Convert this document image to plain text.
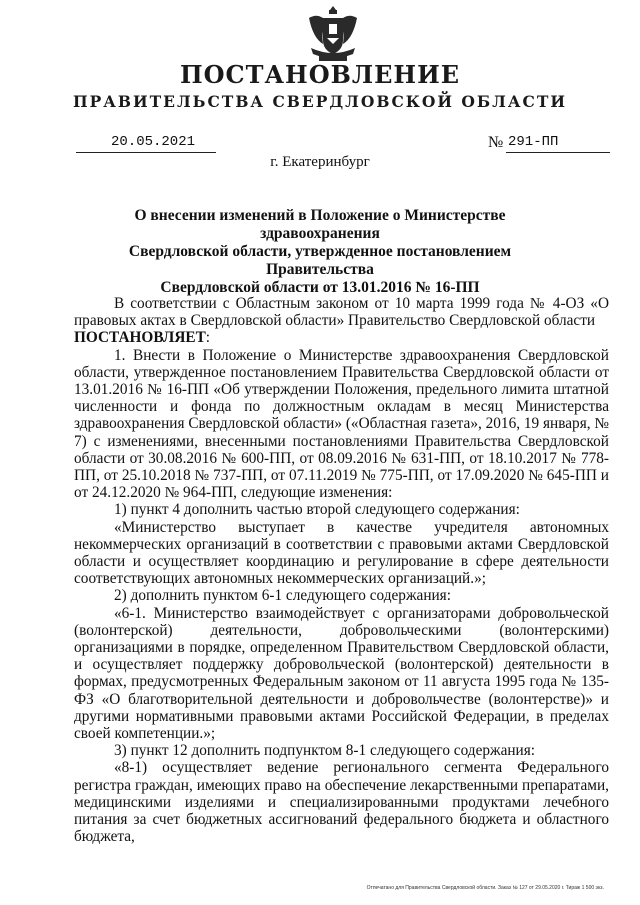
ПОСТАНОВЛЕНИЕ
ПРАВИТЕЛЬСТВА СВЕРДЛОВСКОЙ ОБЛАСТИ
20.05.2021	№ 291-ПП
г. Екатеринбург
О внесении изменений в Положение о Министерстве здравоохранения
Свердловской области, утвержденное постановлением Правительства
Свердловской области от 13.01.2016 № 16-ПП

В соответствии с Областным законом от 10 марта 1999 года № 4-ОЗ «О правовых актах в Свердловской области» Правительство Свердловской области

ПОСТАНОВЛЯЕТ:

1. Внести в Положение о Министерстве здравоохранения Свердловской области, утвержденное постановлением Правительства Свердловской области от 13.01.2016 № 16-ПП «Об утверждении Положения, предельного лимита штатной численности и фонда по должностным окладам в месяц Министерства здравоохранения Свердловской области» («Областная газета», 2016, 19 января, № 7) с изменениями, внесенными постановлениями Правительства Свердловской области от 30.08.2016 № 600-ПП, от 08.09.2016 № 631-ПП, от 18.10.2017 № 778-ПП, от 25.10.2018 № 737-ПП, от 07.11.2019 № 775-ПП, от 17.09.2020 № 645-ПП и от 24.12.2020 № 964-ПП, следующие изменения:

1) пункт 4 дополнить частью второй следующего содержания:

«Министерство выступает в качестве учредителя автономных некоммерческих организаций в соответствии с правовыми актами Свердловской области и осуществляет координацию и регулирование в сфере деятельности соответствующих автономных некоммерческих организаций.»;

2) дополнить пунктом 6-1 следующего содержания:

«6-1. Министерство взаимодействует с организаторами добровольческой (волонтерской) деятельности, добровольческими (волонтерскими) организациями в порядке, определенном Правительством Свердловской области, и осуществляет поддержку добровольческой (волонтерской) деятельности в формах, предусмотренных Федеральным законом от 11 августа 1995 года № 135-ФЗ «О благотворительной деятельности и добровольчестве (волонтерстве)» и другими нормативными правовыми актами Российской Федерации, в пределах своей компетенции.»;

3) пункт 12 дополнить подпунктом 8-1 следующего содержания:

«8-1) осуществляет ведение регионального сегмента Федерального регистра граждан, имеющих право на обеспечение лекарственными препаратами, медицинскими изделиями и специализированными продуктами лечебного питания за счет бюджетных ассигнований федерального бюджета и областного бюджета,

Отпечатано для Правительства Свердловской области. Заказ № 127 от 29.05.2020 г. Тираж 1 500 экз.
